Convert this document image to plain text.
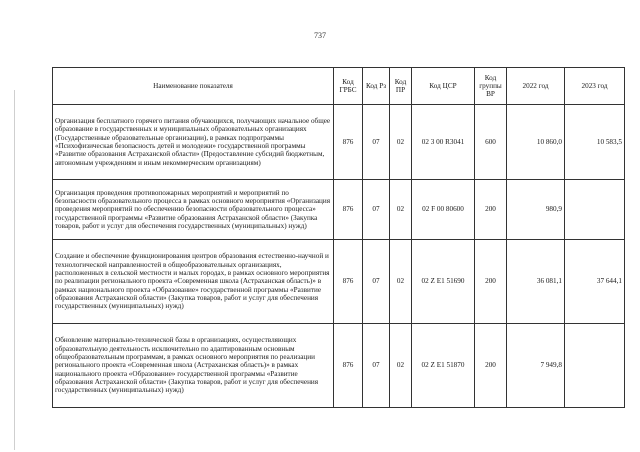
737
Наименование показателя	Код ГРБС	Код Рз	Код ПР	Код ЦСР	Код группы ВР	2022 год	2023 год
Организация бесплатного горячего питания обучающихся, получающих начальное общее образование в государственных и муниципальных образовательных организациях (Государственные образовательные организации), в рамках подпрограммы «Психофизическая безопасность детей и молодежи» государственной программы «Развитие образования Астраханской области» (Предоставление субсидий бюджетным, автономным учреждениям и иным некоммерческим организациям)	876	07	02	02 3 00 R3041	600	10 860,0	10 583,5
Организация проведения противопожарных мероприятий и мероприятий по безопасности образовательного процесса в рамках основного мероприятия «Организация проведения мероприятий по обеспечению безопасности образовательного процесса» государственной программы «Развитие образования Астраханской области» (Закупка товаров, работ и услуг для обеспечения государственных (муниципальных) нужд)	876	07	02	02 F 00 80600	200	980,9	
Создание и обеспечение функционирования центров образования естественно-научной и технологической направленностей в общеобразовательных организациях, расположенных в сельской местности и малых городах, в рамках основного мероприятия по реализации регионального проекта «Современная школа (Астраханская область)» в рамках национального проекта «Образование» государственной программы «Развитие образования Астраханской области» (Закупка товаров, работ и услуг для обеспечения государственных (муниципальных) нужд)	876	07	02	02 Z E1 51690	200	36 081,1	37 644,1
Обновление материально-технической базы в организациях, осуществляющих образовательную деятельность исключительно по адаптированным основным общеобразовательным программам, в рамках основного мероприятия по реализации регионального проекта «Современная школа (Астраханская область)» в рамках национального проекта «Образование» государственной программы «Развитие образования Астраханской области» (Закупка товаров, работ и услуг для обеспечения государственных (муниципальных) нужд)	876	07	02	02 Z E1 51870	200	7 949,8	
